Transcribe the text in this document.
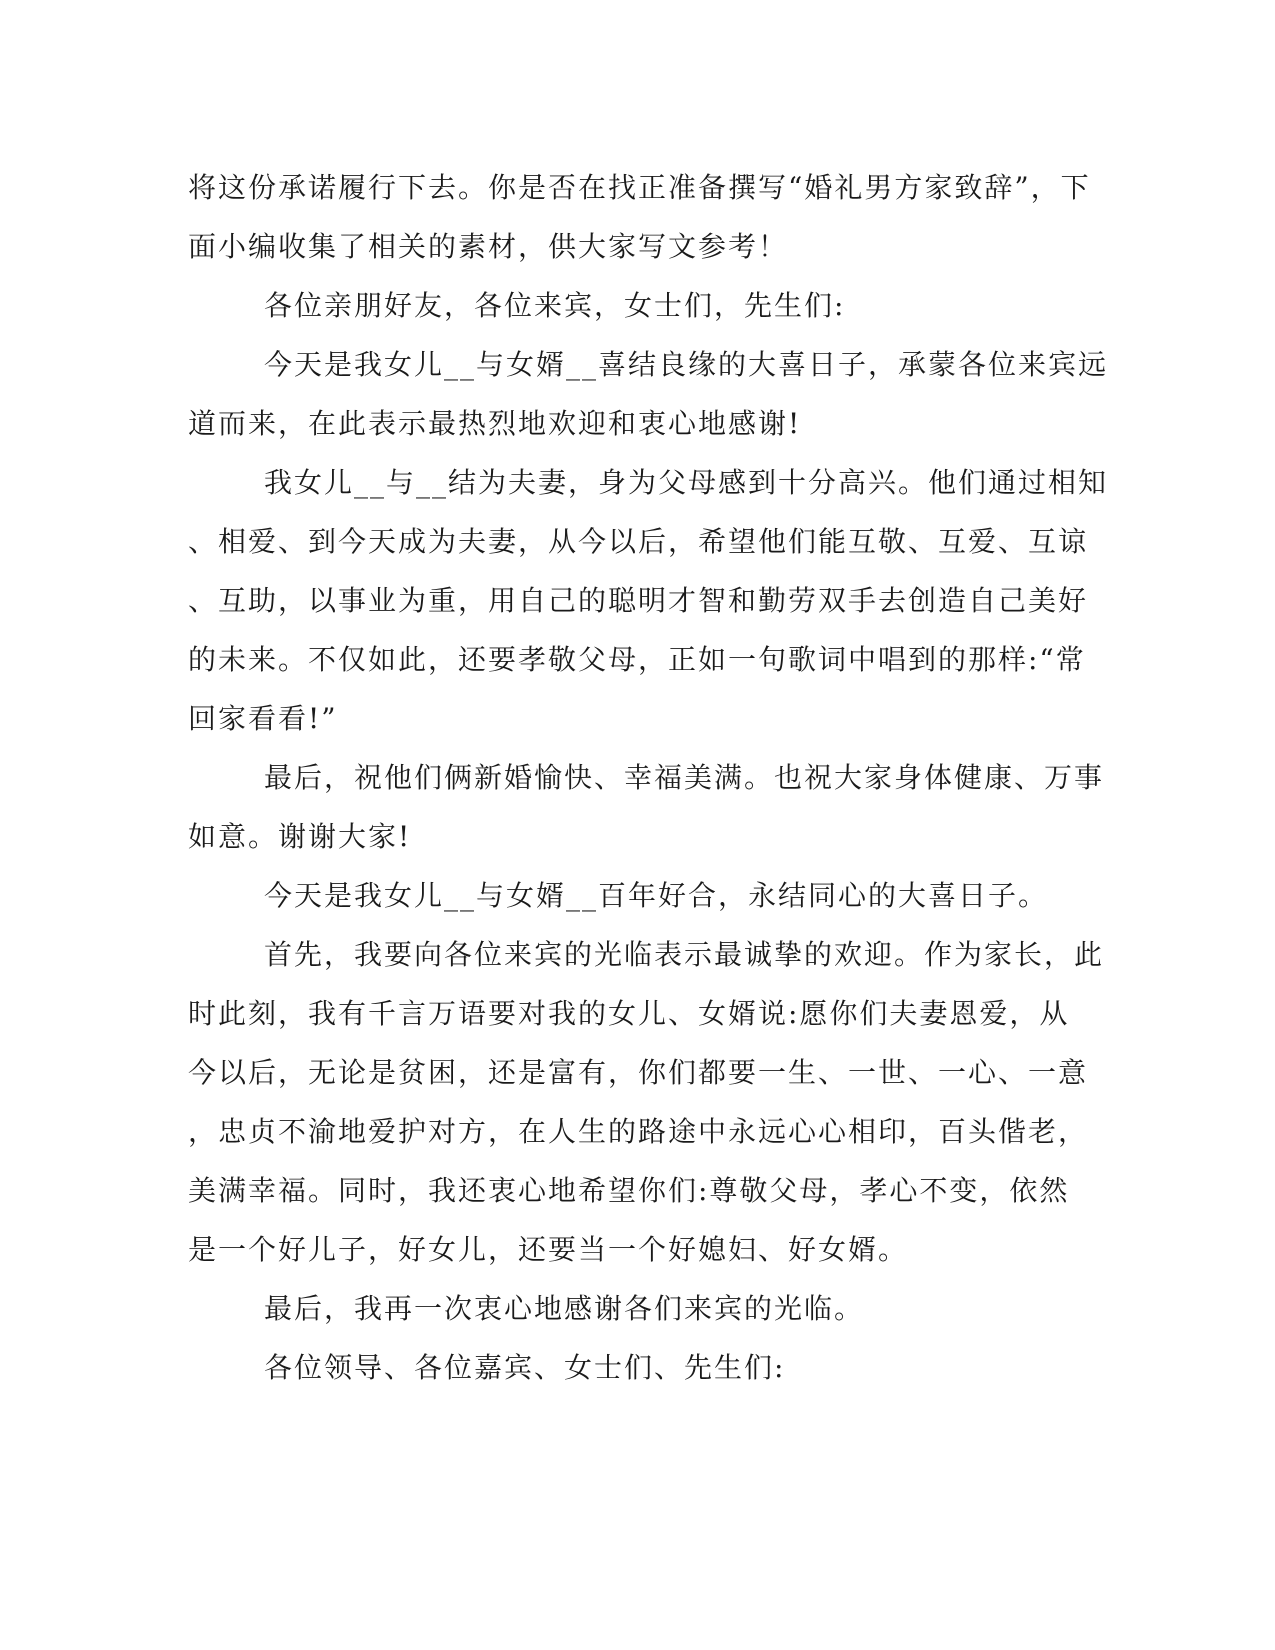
将这份承诺履行下去。你是否在找正准备撰写“婚礼男方家致辞”，下
面小编收集了相关的素材，供大家写文参考！
各位亲朋好友，各位来宾，女士们，先生们:
今天是我女儿__与女婿__喜结良缘的大喜日子，承蒙各位来宾远
道而来，在此表示最热烈地欢迎和衷心地感谢!
我女儿__与__结为夫妻，身为父母感到十分高兴。他们通过相知
、相爱、到今天成为夫妻，从今以后，希望他们能互敬、互爱、互谅
、互助，以事业为重，用自己的聪明才智和勤劳双手去创造自己美好
的未来。不仅如此，还要孝敬父母，正如一句歌词中唱到的那样:“常
回家看看!”
最后，祝他们俩新婚愉快、幸福美满。也祝大家身体健康、万事
如意。谢谢大家!
今天是我女儿__与女婿__百年好合，永结同心的大喜日子。
首先，我要向各位来宾的光临表示最诚挚的欢迎。作为家长，此
时此刻，我有千言万语要对我的女儿、女婿说:愿你们夫妻恩爱，从
今以后，无论是贫困，还是富有，你们都要一生、一世、一心、一意
，忠贞不渝地爱护对方，在人生的路途中永远心心相印，百头偕老，
美满幸福。同时，我还衷心地希望你们:尊敬父母，孝心不变，依然
是一个好儿子，好女儿，还要当一个好媳妇、好女婿。
最后，我再一次衷心地感谢各们来宾的光临。
各位领导、各位嘉宾、女士们、先生们:
